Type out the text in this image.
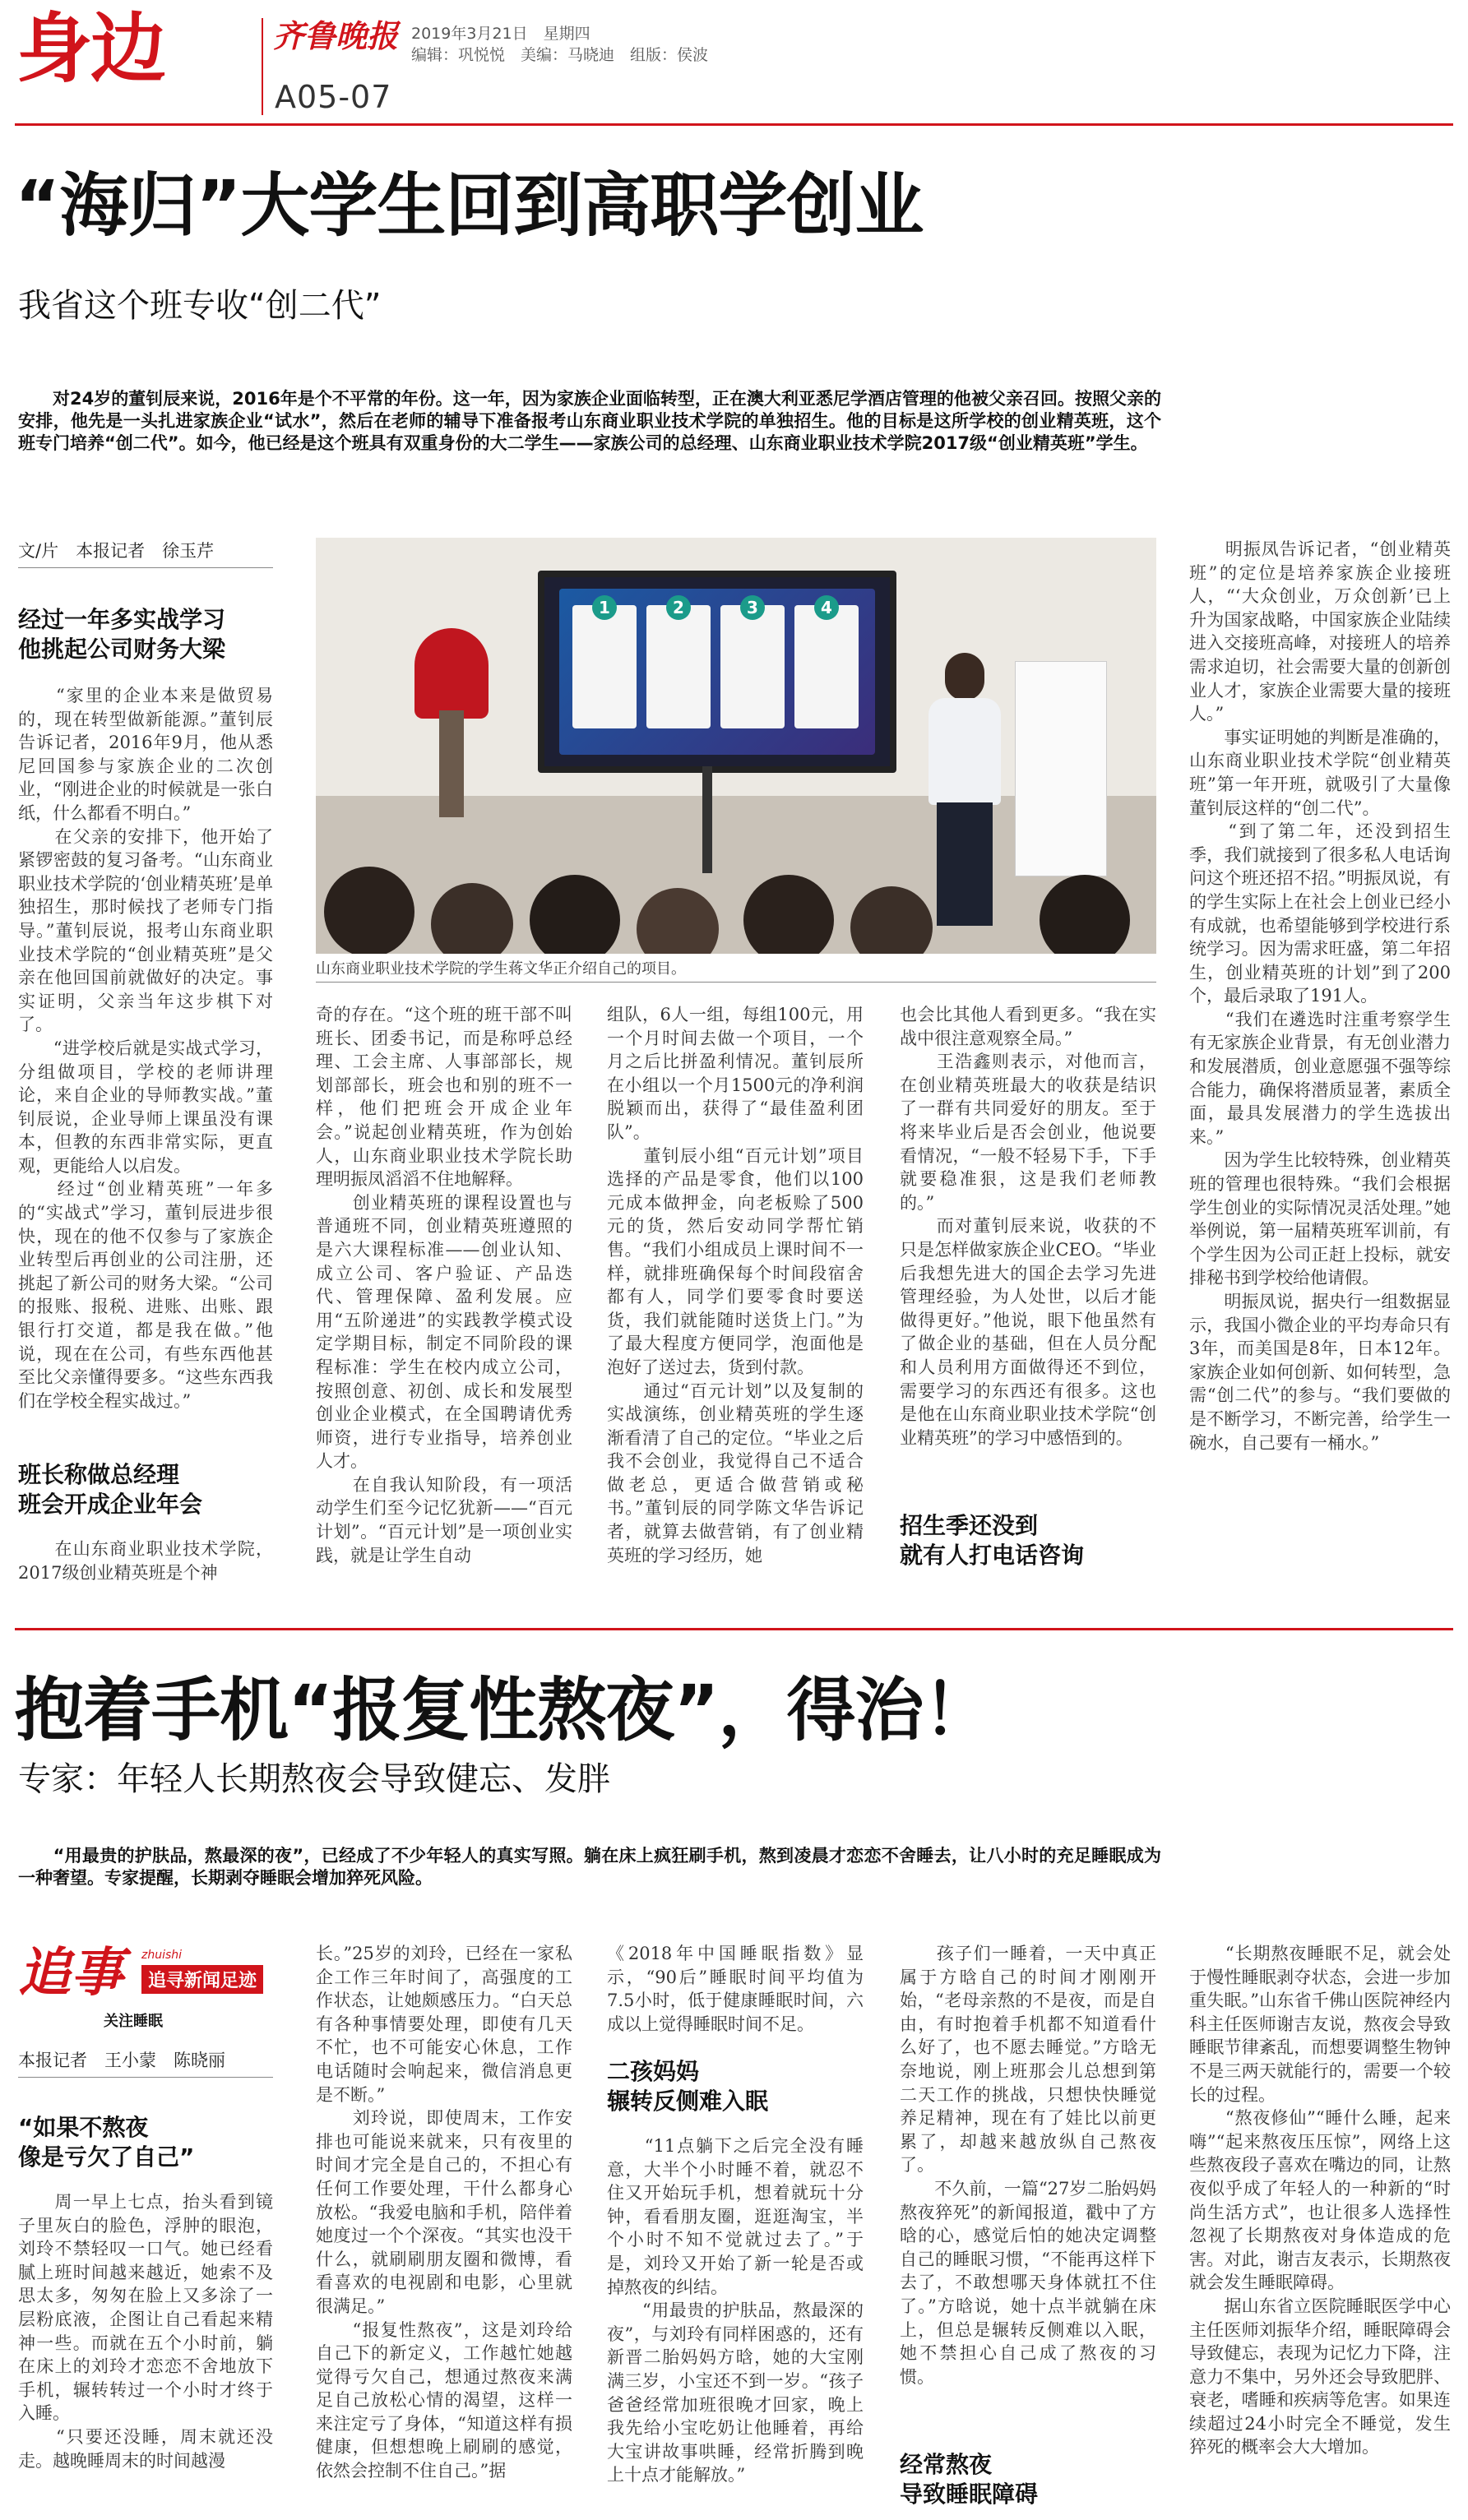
身边	齐鲁晚报 2019年3月21日　星期四
编辑：巩悦悦　美编：马晓迪　组版：侯波
A05-07
“海归”大学生回到高职学创业
我省这个班专收“创二代”
　　对24岁的董钊辰来说，2016年是个不平常的年份。这一年，因为家族企业面临转型，正在澳大利亚悉尼学酒店管理的他被父亲召回。按照父亲的安排，他先是一头扎进家族企业“试水”，然后在老师的辅导下准备报考山东商业职业技术学院的单独招生。他的目标是这所学校的创业精英班，这个班专门培养“创二代”。如今，他已经是这个班具有双重身份的大二学生——家族公司的总经理、山东商业职业技术学院2017级“创业精英班”学生。
文/片　本报记者　徐玉芹
经过一年多实战学习
他挑起公司财务大梁
　　“家里的企业本来是做贸易的，现在转型做新能源。”董钊辰告诉记者，2016年9月，他从悉尼回国参与家族企业的二次创业，“刚进企业的时候就是一张白纸，什么都看不明白。”
　　在父亲的安排下，他开始了紧锣密鼓的复习备考。“山东商业职业技术学院的‘创业精英班’是单独招生，那时候找了老师专门指导。”董钊辰说，报考山东商业职业技术学院的“创业精英班”是父亲在他回国前就做好的决定。事实证明，父亲当年这步棋下对了。
　　“进学校后就是实战式学习，分组做项目，学校的老师讲理论，来自企业的导师教实战。”董钊辰说，企业导师上课虽没有课本，但教的东西非常实际，更直观，更能给人以启发。
　　经过“创业精英班”一年多的“实战式”学习，董钊辰进步很快，现在的他不仅参与了家族企业转型后再创业的公司注册，还挑起了新公司的财务大梁。“公司的报账、报税、进账、出账、跟银行打交道，都是我在做。”他说，现在在公司，有些东西他甚至比父亲懂得要多。“这些东西我们在学校全程实战过。”
班长称做总经理
班会开成企业年会
　　在山东商业职业技术学院，2017级创业精英班是个神
1	2	3	4
山东商业职业技术学院的学生蒋文华正介绍自己的项目。
奇的存在。“这个班的班干部不叫班长、团委书记，而是称呼总经理、工会主席、人事部部长，规划部部长，班会也和别的班不一样，他们把班会开成企业年会。”说起创业精英班，作为创始人，山东商业职业技术学院长助理明振凤滔滔不住地解释。
　　创业精英班的课程设置也与普通班不同，创业精英班遵照的是六大课程标准——创业认知、成立公司、客户验证、产品迭代、管理保障、盈利发展。应用“五阶递进”的实践教学模式设定学期目标，制定不同阶段的课程标准：学生在校内成立公司，按照创意、初创、成长和发展型创业企业模式，在全国聘请优秀师资，进行专业指导，培养创业人才。
　　在自我认知阶段，有一项活动学生们至今记忆犹新——“百元计划”。“百元计划”是一项创业实践，就是让学生自动
组队，6人一组，每组100元，用一个月时间去做一个项目，一个月之后比拼盈利情况。董钊辰所在小组以一个月1500元的净利润脱颖而出，获得了“最佳盈利团队”。
　　董钊辰小组“百元计划”项目选择的产品是零食，他们以100元成本做押金，向老板赊了500元的货，然后安动同学帮忙销售。“我们小组成员上课时间不一样，就排班确保每个时间段宿舍都有人，同学们要零食时要送货，我们就能随时送货上门。”为了最大程度方便同学，泡面他是泡好了送过去，货到付款。
　　通过“百元计划”以及复制的实战演练，创业精英班的学生逐渐看清了自己的定位。“毕业之后我不会创业，我觉得自己不适合做老总，更适合做营销或秘书。”董钊辰的同学陈文华告诉记者，就算去做营销，有了创业精英班的学习经历，她
也会比其他人看到更多。“我在实战中很注意观察全局。”
　　王浩鑫则表示，对他而言，在创业精英班最大的收获是结识了一群有共同爱好的朋友。至于将来毕业后是否会创业，他说要看情况，“一般不轻易下手，下手就要稳准狠，这是我们老师教的。”
　　而对董钊辰来说，收获的不只是怎样做家族企业CEO。“毕业后我想先进大的国企去学习先进管理经验，为人处世，以后才能做得更好。”他说，眼下他虽然有了做企业的基础，但在人员分配和人员利用方面做得还不到位，需要学习的东西还有很多。这也是他在山东商业职业技术学院“创业精英班”的学习中感悟到的。
招生季还没到
就有人打电话咨询
　　明振凤告诉记者，“创业精英班”的定位是培养家族企业接班人，“‘大众创业，万众创新’已上升为国家战略，中国家族企业陆续进入交接班高峰，对接班人的培养需求迫切，社会需要大量的创新创业人才，家族企业需要大量的接班人。”
　　事实证明她的判断是准确的，山东商业职业技术学院“创业精英班”第一年开班，就吸引了大量像董钊辰这样的“创二代”。
　　“到了第二年，还没到招生季，我们就接到了很多私人电话询问这个班还招不招。”明振凤说，有的学生实际上在社会上创业已经小有成就，也希望能够到学校进行系统学习。因为需求旺盛，第二年招生，创业精英班的计划”到了200个，最后录取了191人。
　　“我们在遴选时注重考察学生有无家族企业背景，有无创业潜力和发展潜质，创业意愿强不强等综合能力，确保将潜质显著，素质全面，最具发展潜力的学生选拔出来。”
　　因为学生比较特殊，创业精英班的管理也很特殊。“我们会根据学生创业的实际情况灵活处理。”她举例说，第一届精英班军训前，有个学生因为公司正赶上投标，就安排秘书到学校给他请假。
　　明振凤说，据央行一组数据显示，我国小微企业的平均寿命只有3年，而美国是8年，日本12年。家族企业如何创新、如何转型，急需“创二代”的参与。“我们要做的是不断学习，不断完善，给学生一碗水，自己要有一桶水。”
抱着手机“报复性熬夜”，得治！
专家：年轻人长期熬夜会导致健忘、发胖
　　“用最贵的护肤品，熬最深的夜”，已经成了不少年轻人的真实写照。躺在床上疯狂刷手机，熬到凌晨才恋恋不舍睡去，让八小时的充足睡眠成为一种奢望。专家提醒，长期剥夺睡眠会增加猝死风险。
追事 zhuishi
追寻新闻足迹
关注睡眠
本报记者　王小蒙　陈晓丽
“如果不熬夜
像是亏欠了自己”
　　周一早上七点，抬头看到镜子里灰白的脸色，浮肿的眼泡，刘玲不禁轻叹一口气。她已经看腻上班时间越来越近，她索不及思太多，匆匆在脸上又多涂了一层粉底液，企图让自己看起来精神一些。而就在五个小时前，躺在床上的刘玲才恋恋不舍地放下手机，辗转转过一个小时才终于入睡。
　　“只要还没睡，周末就还没走。越晚睡周末的时间越漫
长。”25岁的刘玲，已经在一家私企工作三年时间了，高强度的工作状态，让她颇感压力。“白天总有各种事情要处理，即使有几天不忙，也不可能安心休息，工作电话随时会响起来，微信消息更是不断。”
　　刘玲说，即使周末，工作安排也可能说来就来，只有夜里的时间才完全是自己的，不担心有任何工作要处理，干什么都身心放松。“我爱电脑和手机，陪伴着她度过一个个深夜。“其实也没干什么，就刷刷朋友圈和微博，看看喜欢的电视剧和电影，心里就很满足。”
　　“报复性熬夜”，这是刘玲给自己下的新定义，工作越忙她越觉得亏欠自己，想通过熬夜来满足自己放松心情的渴望，这样一来注定亏了身体，“知道这样有损健康，但想想晚上刷刷的感觉，依然会控制不住自己。”据
《2018年中国睡眠指数》显示，“90后”睡眠时间平均值为7.5小时，低于健康睡眠时间，六成以上觉得睡眠时间不足。
二孩妈妈
辗转反侧难入眠
　　“11点躺下之后完全没有睡意，大半个小时睡不着，就忍不住又开始玩手机，想着就玩十分钟，看看朋友圈，逛逛淘宝，半个小时不知不觉就过去了。”于是，刘玲又开始了新一轮是否或掉熬夜的纠结。
　　“用最贵的护肤品，熬最深的夜”，与刘玲有同样困惑的，还有新晋二胎妈妈方晗，她的大宝刚满三岁，小宝还不到一岁。“孩子爸爸经常加班很晚才回家，晚上我先给小宝吃奶让他睡着，再给大宝讲故事哄睡，经常折腾到晚上十点才能解放。”
　　孩子们一睡着，一天中真正属于方晗自己的时间才刚刚开始，“老母亲熬的不是夜，而是自由，有时抱着手机都不知道看什么好了，也不愿去睡觉。”方晗无奈地说，刚上班那会儿总想到第二天工作的挑战，只想快快睡觉养足精神，现在有了娃比以前更累了，却越来越放纵自己熬夜了。
　　不久前，一篇“27岁二胎妈妈熬夜猝死”的新闻报道，戳中了方晗的心，感觉后怕的她决定调整自己的睡眠习惯，“不能再这样下去了，不敢想哪天身体就扛不住了。”方晗说，她十点半就躺在床上，但总是辗转反侧难以入眠，她不禁担心自己成了熬夜的习惯。
经常熬夜
导致睡眠障碍
　　“长期熬夜睡眠不足，就会处于慢性睡眠剥夺状态，会进一步加重失眠。”山东省千佛山医院神经内科主任医师谢吉友说，熬夜会导致睡眠节律紊乱，而想要调整生物钟不是三两天就能行的，需要一个较长的过程。
　　“熬夜修仙”“睡什么睡，起来嗨”“起来熬夜压压惊”，网络上这些熬夜段子喜欢在嘴边的同，让熬夜似乎成了年轻人的一种新的“时尚生活方式”，也让很多人选择性忽视了长期熬夜对身体造成的危害。对此，谢吉友表示，长期熬夜就会发生睡眠障碍。
　　据山东省立医院睡眠医学中心主任医师刘振华介绍，睡眠障碍会导致健忘，表现为记忆力下降，注意力不集中，另外还会导致肥胖、衰老，嗜睡和疾病等危害。如果连续超过24小时完全不睡觉，发生猝死的概率会大大增加。
